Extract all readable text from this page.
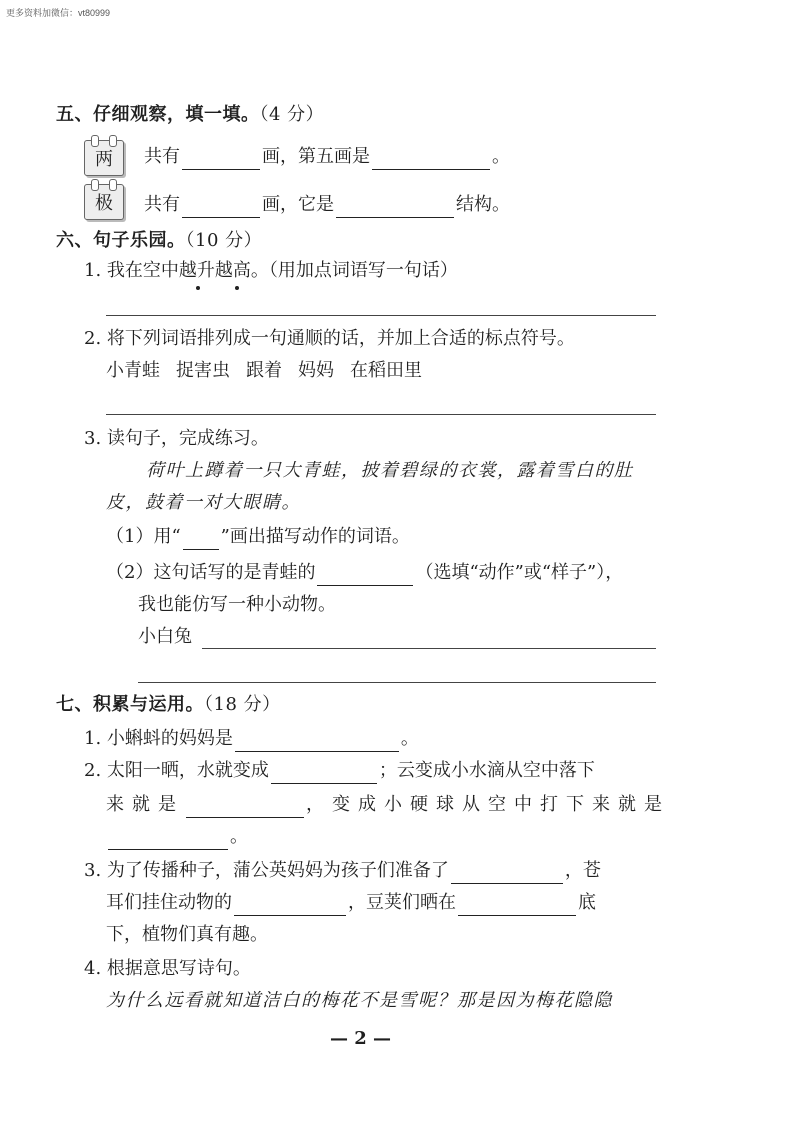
更多资料加微信：vt80999
五、仔细观察，填一填。（4 分）
两 共有	画，第五画是	。
极 共有	画，它是	结构。
六、句子乐园。（10 分）
1. 我在空中越升越高。（用加点词语写一句话）
2. 将下列词语排列成一句通顺的话，并加上合适的标点符号。
小青蛙 捉害虫 跟着 妈妈 在稻田里
3. 读句子，完成练习。
荷叶上蹲着一只大青蛙，披着碧绿的衣裳，露着雪白的肚
皮，鼓着一对大眼睛。
（1）用“ ”画出描写动作的词语。
（2）这句话写的是青蛙的	（选填“动作”或“样子”），
我也能仿写一种小动物。
小白兔
七、积累与运用。（18 分）
1. 小蝌蚪的妈妈是	。
2. 太阳一晒，水就变成	；云变成小水滴从空中落下
来就是	，变成小硬球从空中打下来就是
。
3. 为了传播种子，蒲公英妈妈为孩子们准备了	，苍
耳们挂住动物的	，豆荚们晒在	底
下，植物们真有趣。
4. 根据意思写诗句。
为什么远看就知道洁白的梅花不是雪呢？那是因为梅花隐隐
— 2 —
